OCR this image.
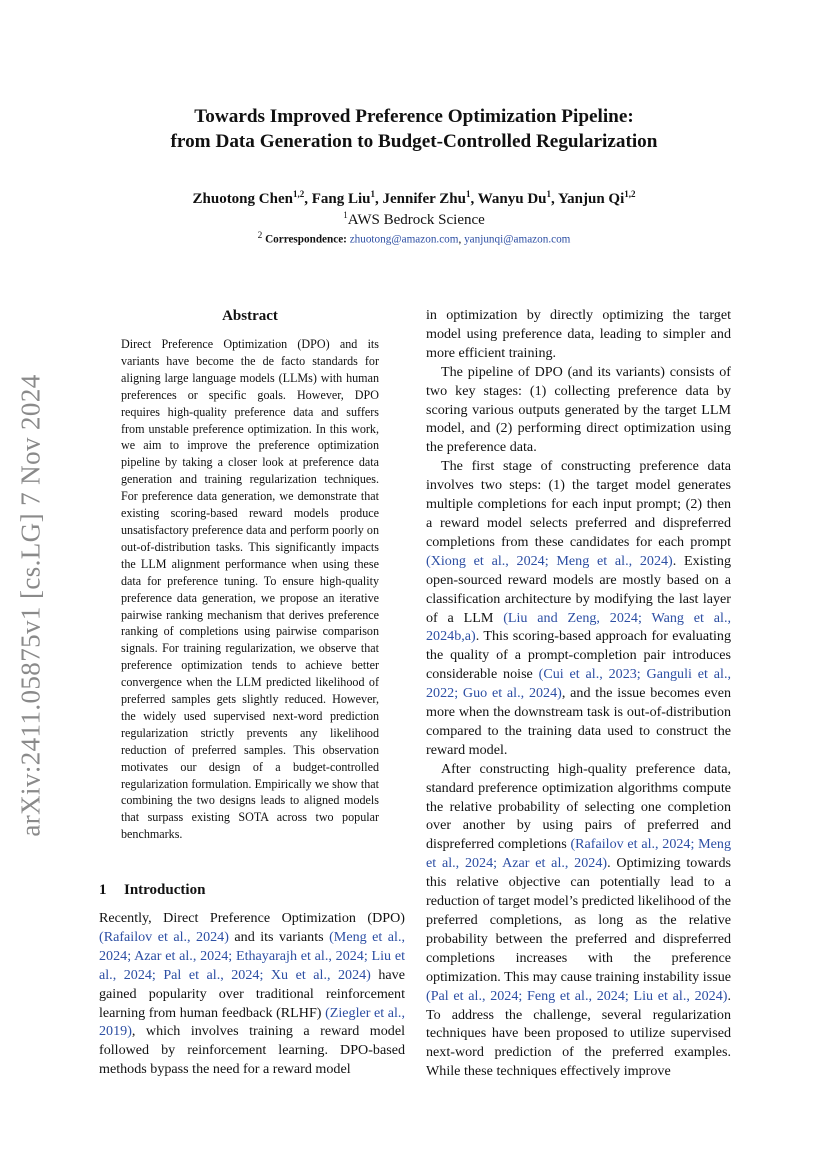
arXiv:2411.05875v1 [cs.LG] 7 Nov 2024
Towards Improved Preference Optimization Pipeline:
from Data Generation to Budget-Controlled Regularization
Zhuotong Chen$^{1,2}$, Fang Liu$^1$, Jennifer Zhu$^1$, Wanyu Du$^1$, Yanjun Qi$^{1,2}$
$^1$AWS Bedrock Science
$^2$ Correspondence: zhuotong@amazon.com, yanjunqi@amazon.com
Abstract
Direct Preference Optimization (DPO) and its variants have become the de facto standards for aligning large language models (LLMs) with human preferences or specific goals. However, DPO requires high-quality preference data and suffers from unstable preference optimization. In this work, we aim to improve the preference optimization pipeline by taking a closer look at preference data generation and training regularization techniques. For preference data generation, we demonstrate that existing scoring-based reward models produce unsatisfactory preference data and perform poorly on out-of-distribution tasks. This significantly impacts the LLM alignment performance when using these data for preference tuning. To ensure high-quality preference data generation, we propose an iterative pairwise ranking mechanism that derives preference ranking of completions using pairwise comparison signals. For training regularization, we observe that preference optimization tends to achieve better convergence when the LLM predicted likelihood of preferred samples gets slightly reduced. However, the widely used supervised next-word prediction regularization strictly prevents any likelihood reduction of preferred samples. This observation motivates our design of a budget-controlled regularization formulation. Empirically we show that combining the two designs leads to aligned models that surpass existing SOTA across two popular benchmarks.
1 Introduction

Recently, Direct Preference Optimization (DPO) (Rafailov et al., 2024) and its variants (Meng et al., 2024; Azar et al., 2024; Ethayarajh et al., 2024; Liu et al., 2024; Pal et al., 2024; Xu et al., 2024) have gained popularity over traditional reinforcement learning from human feedback (RLHF) (Ziegler et al., 2019), which involves training a reward model followed by reinforcement learning. DPO-based methods bypass the need for a reward model

in optimization by directly optimizing the target model using preference data, leading to simpler and more efficient training.

The pipeline of DPO (and its variants) consists of two key stages: (1) collecting preference data by scoring various outputs generated by the target LLM model, and (2) performing direct optimization using the preference data.

The first stage of constructing preference data involves two steps: (1) the target model generates multiple completions for each input prompt; (2) then a reward model selects preferred and dispreferred completions from these candidates for each prompt (Xiong et al., 2024; Meng et al., 2024). Existing open-sourced reward models are mostly based on a classification architecture by modifying the last layer of a LLM (Liu and Zeng, 2024; Wang et al., 2024b,a). This scoring-based approach for evaluating the quality of a prompt-completion pair introduces considerable noise (Cui et al., 2023; Ganguli et al., 2022; Guo et al., 2024), and the issue becomes even more when the downstream task is out-of-distribution compared to the training data used to construct the reward model.

After constructing high-quality preference data, standard preference optimization algorithms compute the relative probability of selecting one completion over another by using pairs of preferred and dispreferred completions (Rafailov et al., 2024; Meng et al., 2024; Azar et al., 2024). Optimizing towards this relative objective can potentially lead to a reduction of target model’s predicted likelihood of the preferred completions, as long as the relative probability between the preferred and dispreferred completions increases with the preference optimization. This may cause training instability issue (Pal et al., 2024; Feng et al., 2024; Liu et al., 2024). To address the challenge, several regularization techniques have been proposed to utilize supervised next-word prediction of the preferred examples. While these techniques effectively improve
